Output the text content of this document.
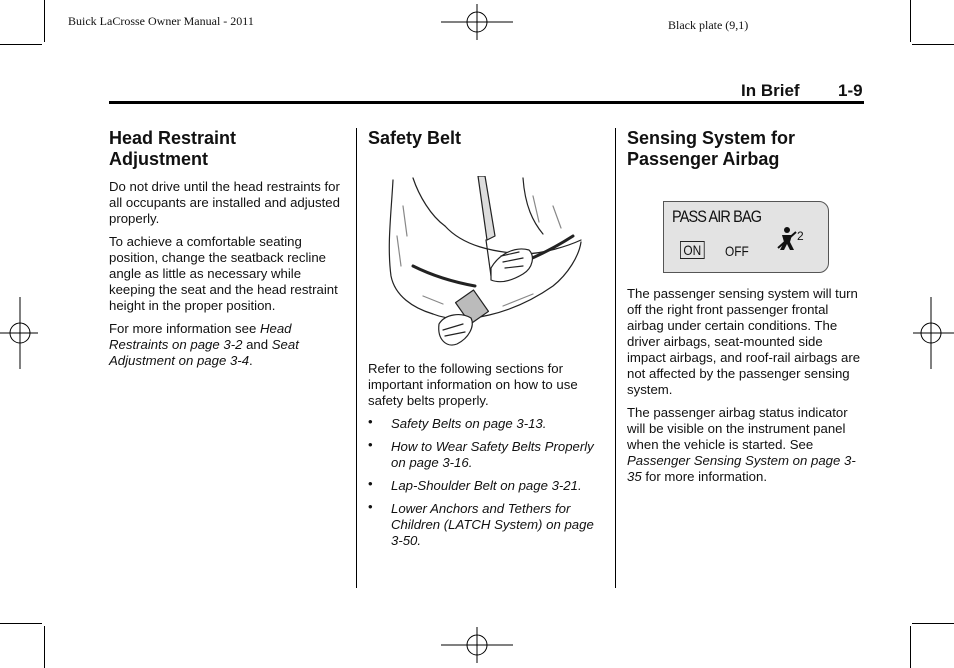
Buick LaCrosse Owner Manual - 2011	Black plate (9,1)
In Brief 1-9
Head Restraint
Adjustment

Do not drive until the head restraints for all occupants are installed and adjusted properly.

To achieve a comfortable seating position, change the seatback recline angle as little as necessary while keeping the seat and the head restraint height in the proper position.

For more information see Head Restraints on page 3-2 and Seat Adjustment on page 3-4.

Safety Belt

Refer to the following sections for important information on how to use safety belts properly.

• Safety Belts on page 3-13.
• How to Wear Safety Belts Properly on page 3-16.
• Lap-Shoulder Belt on page 3-21.
• Lower Anchors and Tethers for Children (LATCH System) on page 3-50.
Sensing System for
Passenger Airbag
PASS AIR BAG
ON OFF
2

The passenger sensing system will turn off the right front passenger frontal airbag under certain conditions. The driver airbags, seat-mounted side impact airbags, and roof-rail airbags are not affected by the passenger sensing system.

The passenger airbag status indicator will be visible on the instrument panel when the vehicle is started. See Passenger Sensing System on page 3-35 for more information.
